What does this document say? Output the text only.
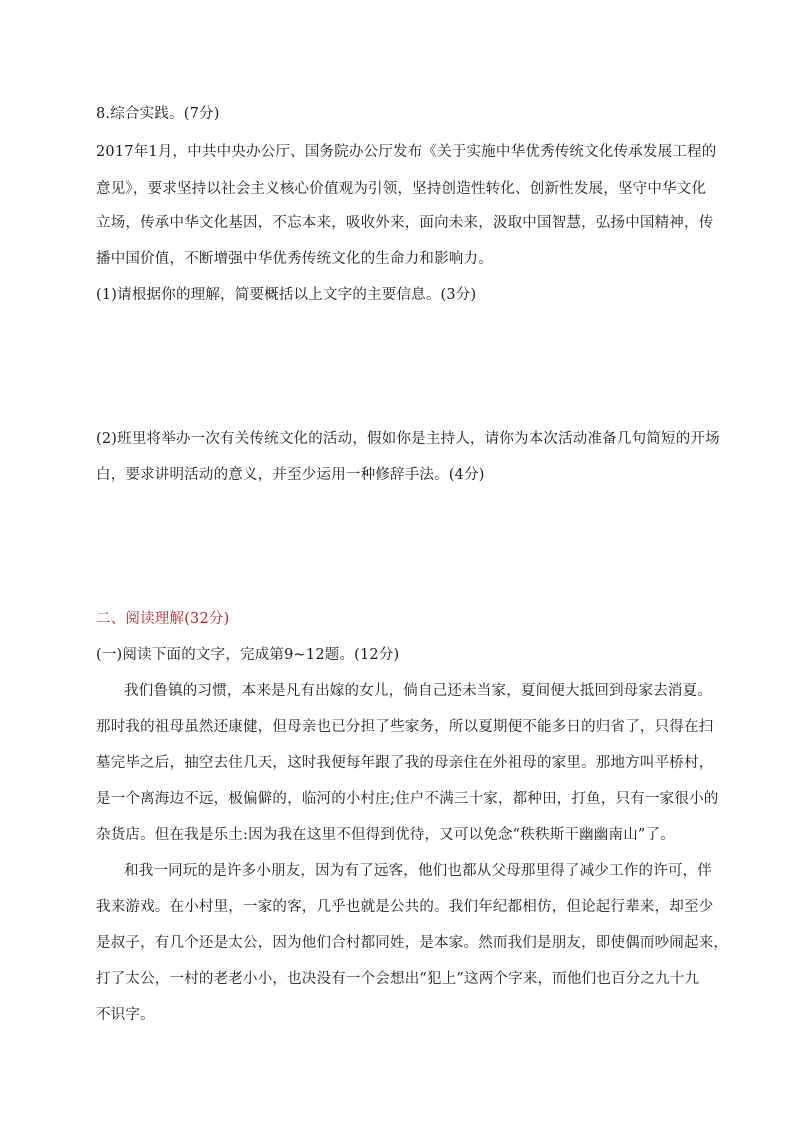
8.综合实践。(7分)
2017年1月，中共中央办公厅、国务院办公厅发布《关于实施中华优秀传统文化传承发展工程的
意见》，要求坚持以社会主义核心价值观为引领，坚持创造性转化、创新性发展，坚守中华文化
立场，传承中华文化基因，不忘本来，吸收外来，面向未来，汲取中国智慧，弘扬中国精神，传
播中国价值，不断增强中华优秀传统文化的生命力和影响力。
(1)请根据你的理解，简要概括以上文字的主要信息。(3分)
(2)班里将举办一次有关传统文化的活动，假如你是主持人，请你为本次活动准备几句简短的开场
白，要求讲明活动的意义，并至少运用一种修辞手法。(4分)
二、阅读理解(32分)
(一)阅读下面的文字，完成第9~12题。(12分)
我们鲁镇的习惯，本来是凡有出嫁的女儿，倘自己还未当家，夏间便大抵回到母家去消夏。
那时我的祖母虽然还康健，但母亲也已分担了些家务，所以夏期便不能多日的归省了，只得在扫
墓完毕之后，抽空去住几天，这时我便每年跟了我的母亲住在外祖母的家里。那地方叫平桥村，
是一个离海边不远，极偏僻的，临河的小村庄;住户不满三十家，都种田，打鱼，只有一家很小的
杂货店。但在我是乐土:因为我在这里不但得到优待，又可以免念“秩秩斯干幽幽南山”了。
和我一同玩的是许多小朋友，因为有了远客，他们也都从父母那里得了减少工作的许可，伴
我来游戏。在小村里，一家的客，几乎也就是公共的。我们年纪都相仿，但论起行辈来，却至少
是叔子，有几个还是太公，因为他们合村都同姓，是本家。然而我们是朋友，即使偶而吵闹起来，
打了太公，一村的老老小小，也决没有一个会想出“犯上”这两个字来，而他们也百分之九十九
不识字。
